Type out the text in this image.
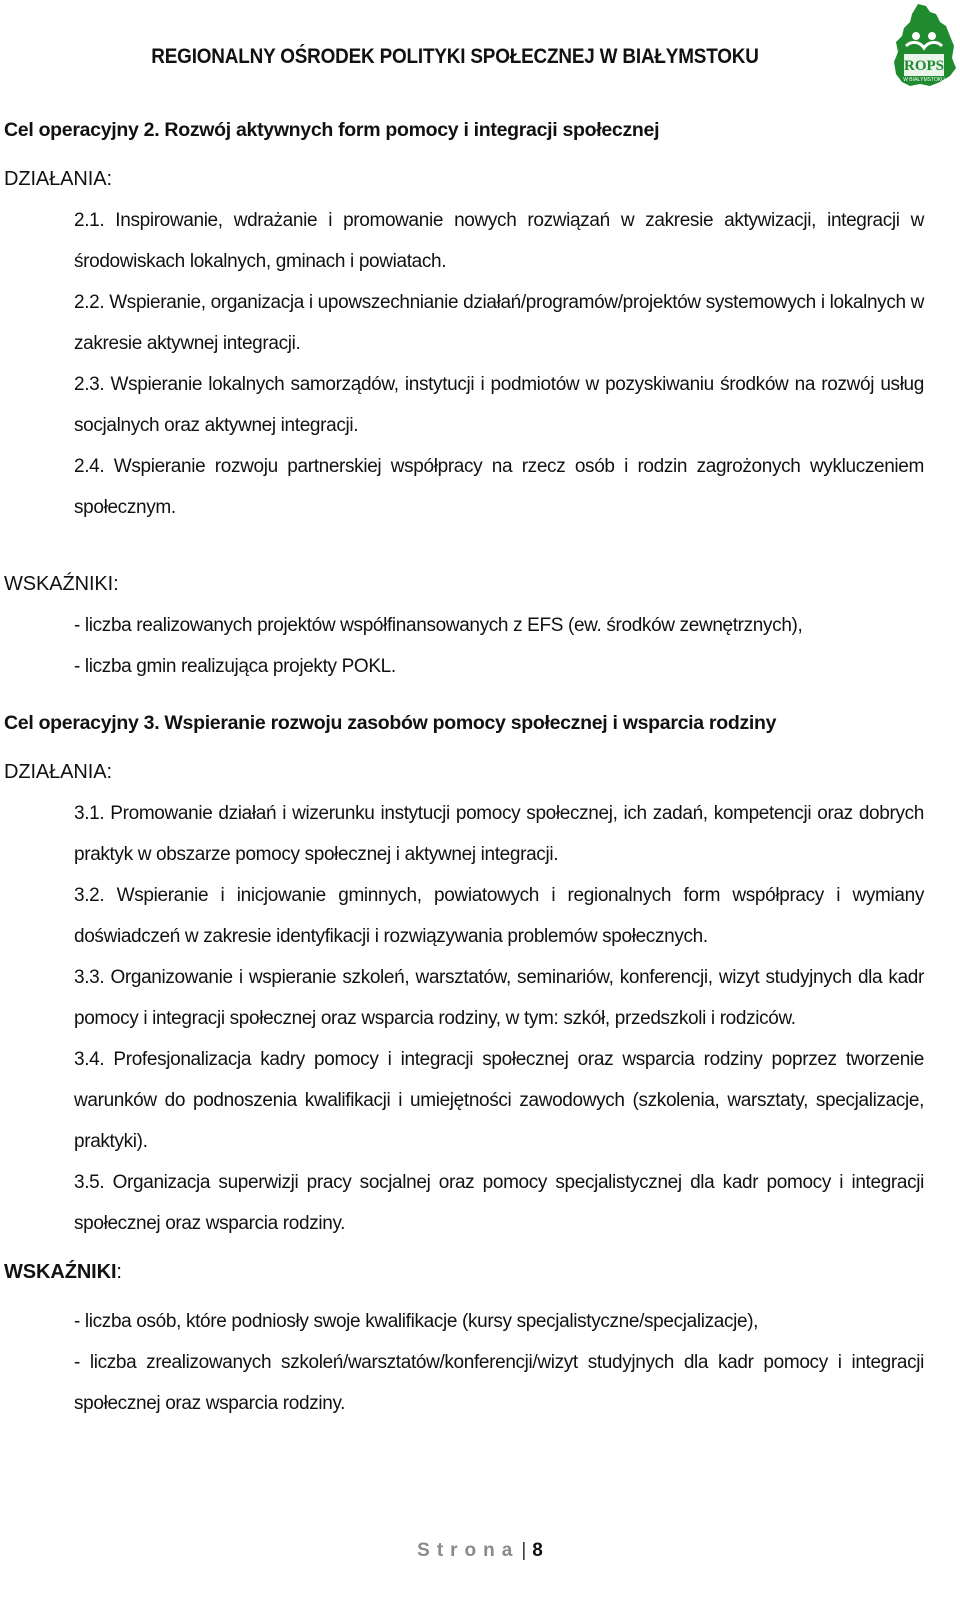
REGIONALNY OŚRODEK POLITYKI SPOŁECZNEJ W BIAŁYMSTOKU	ROPS
W BIAŁYMSTOKU
Cel operacyjny 2. Rozwój aktywnych form pomocy i integracji społecznej
DZIAŁANIA:

2.1. Inspirowanie, wdrażanie i promowanie nowych rozwiązań w zakresie aktywizacji, integracji w środowiskach lokalnych, gminach i powiatach.

2.2. Wspieranie, organizacja i upowszechnianie działań/programów/projektów systemowych i lokalnych w zakresie aktywnej integracji.

2.3. Wspieranie lokalnych samorządów, instytucji i podmiotów w pozyskiwaniu środków na rozwój usług socjalnych oraz aktywnej integracji.

2.4. Wspieranie rozwoju partnerskiej współpracy na rzecz osób i rodzin zagrożonych wykluczeniem społecznym.

WSKAŹNIKI:

- liczba realizowanych projektów współfinansowanych z EFS (ew. środków zewnętrznych),

- liczba gmin realizująca projekty POKL.

Cel operacyjny 3. Wspieranie rozwoju zasobów pomocy społecznej i wsparcia rodziny
DZIAŁANIA:

3.1. Promowanie działań i wizerunku instytucji pomocy społecznej, ich zadań, kompetencji oraz dobrych praktyk w obszarze pomocy społecznej i aktywnej integracji.

3.2. Wspieranie i inicjowanie gminnych, powiatowych i regionalnych form współpracy i wymiany doświadczeń w zakresie identyfikacji i rozwiązywania problemów społecznych.

3.3. Organizowanie i wspieranie szkoleń, warsztatów, seminariów, konferencji, wizyt studyjnych dla kadr pomocy i integracji społecznej oraz wsparcia rodziny, w tym: szkół, przedszkoli i rodziców.

3.4. Profesjonalizacja kadry pomocy i integracji społecznej oraz wsparcia rodziny poprzez tworzenie warunków do podnoszenia kwalifikacji i umiejętności zawodowych (szkolenia, warsztaty, specjalizacje, praktyki).

3.5. Organizacja superwizji pracy socjalnej oraz pomocy specjalistycznej dla kadr pomocy i integracji społecznej oraz wsparcia rodziny.

WSKAŹNIKI:

- liczba osób, które podniosły swoje kwalifikacje (kursy specjalistyczne/specjalizacje),

- liczba zrealizowanych szkoleń/warsztatów/konferencji/wizyt studyjnych dla kadr pomocy i integracji społecznej oraz wsparcia rodziny.

Strona | 8
